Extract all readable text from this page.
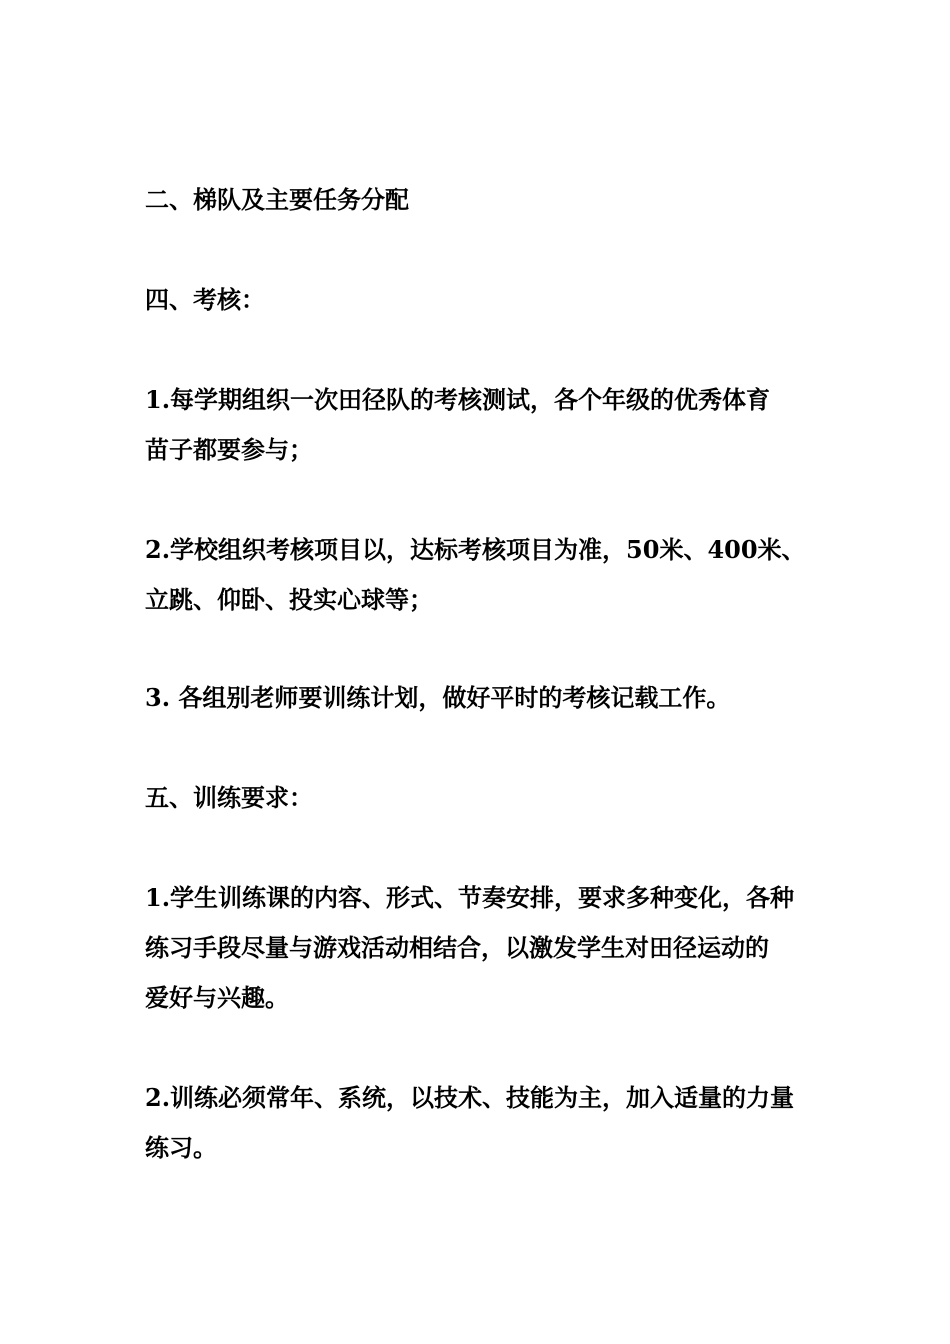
二、梯队及主要任务分配

四、考核：

1.每学期组织一次田径队的考核测试，各个年级的优秀体育

苗子都要参与；

2.学校组织考核项目以，达标考核项目为准，50米、400米、

立跳、仰卧、投实心球等；

3. 各组别老师要训练计划，做好平时的考核记载工作。

五、训练要求：

1.学生训练课的内容、形式、节奏安排，要求多种变化，各种

练习手段尽量与游戏活动相结合，以激发学生对田径运动的

爱好与兴趣。

2.训练必须常年、系统，以技术、技能为主，加入适量的力量

练习。
